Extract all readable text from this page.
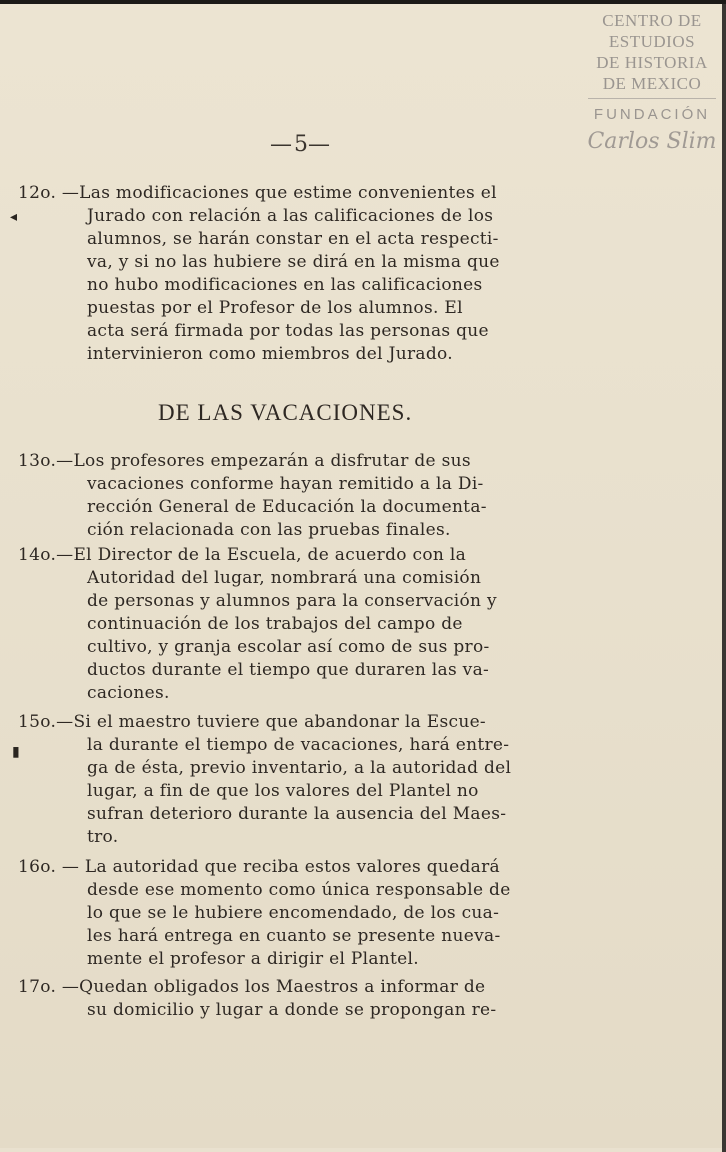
CENTRO DE
ESTUDIOS
DE HISTORIA
DE MEXICO
FUNDACIÓN
Carlos Slim
—5—
◂
▮
DE LAS VACACIONES.
12o. —Las modificaciones que estime convenientes el
Jurado con relación a las calificaciones de los
alumnos, se harán constar en el acta respecti-
va, y si no las hubiere se dirá en la misma que
no hubo modificaciones en las calificaciones
puestas por el Profesor de los alumnos. El
acta será firmada por todas las personas que
intervinieron como miembros del Jurado.
13o.—Los profesores empezarán a disfrutar de sus
vacaciones conforme hayan remitido a la Di-
rección General de Educación la documenta-
ción relacionada con las pruebas finales.
14o.—El Director de la Escuela, de acuerdo con la
Autoridad del lugar, nombrará una comisión
de personas y alumnos para la conservación y
continuación de los trabajos del campo de
cultivo, y granja escolar así como de sus pro-
ductos durante el tiempo que duraren las va-
caciones.
15o.—Si el maestro tuviere que abandonar la Escue-
la durante el tiempo de vacaciones, hará entre-
ga de ésta, previo inventario, a la autoridad del
lugar, a fin de que los valores del Plantel no
sufran deterioro durante la ausencia del Maes-
tro.
16o. — La autoridad que reciba estos valores quedará
desde ese momento como única responsable de
lo que se le hubiere encomendado, de los cua-
les hará entrega en cuanto se presente nueva-
mente el profesor a dirigir el Plantel.
17o. —Quedan obligados los Maestros a informar de
su domicilio y lugar a donde se propongan re-
